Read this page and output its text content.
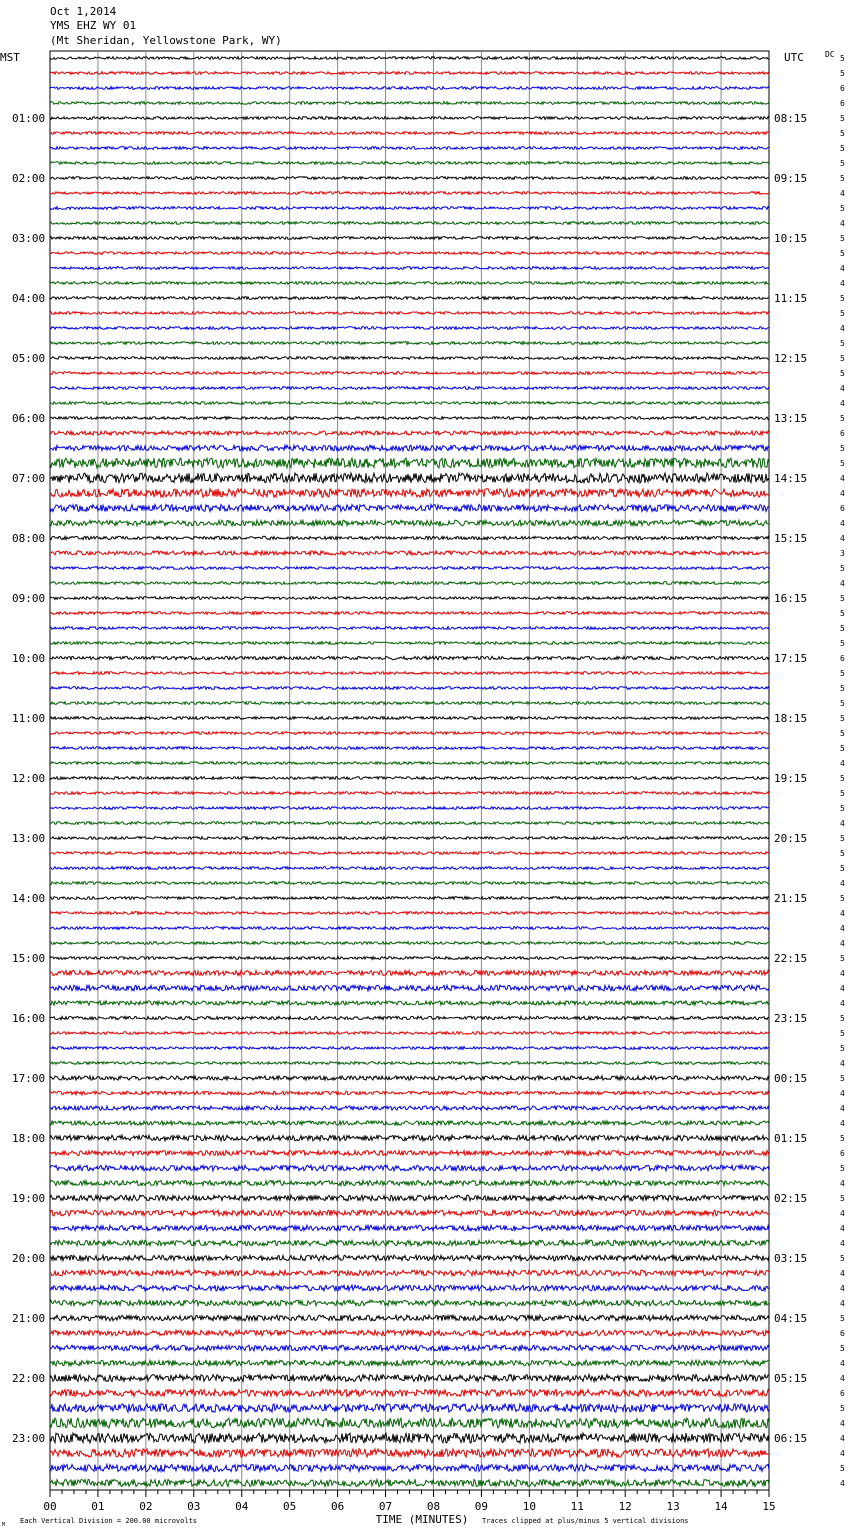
Oct 1,2014
YMS EHZ WY 01
(Mt Sheridan, Yellowstone Park, WY)
5
5
6
6
5
5
5
5
5
4
5
4
5
5
4
4
5
5
4
5
5
5
4
4
5
6
5
5
4
4
6
4
4
3
5
4
5
5
5
5
6
5
5
5
5
5
5
4
5
5
5
4
5
5
5
4
5
4
4
4
5
4
4
4
5
5
5
4
5
4
4
4
5
6
5
4
5
4
4
4
5
4
4
4
5
6
5
4
4
6
5
4
4
4
5
4
MST	UTC	DC
01:00
02:00
03:00
04:00
05:00
06:00
07:00
08:00
09:00
10:00
11:00
12:00
13:00
14:00
15:00
16:00
17:00
18:00
19:00
20:00
21:00
22:00
23:00
08:15
09:15
10:15
11:15
12:15
13:15
14:15
15:15
16:15
17:15
18:15
19:15
20:15
21:15
22:15
23:15
00:15
01:15
02:15
03:15
04:15
05:15
06:15
00	01	02	03	04	05	06	07	08	09	10	11	12	13	14	15
TIME (MINUTES)
Each Vertical Division = 200.00 microvolts	Traces clipped at plus/minus 5 vertical divisions
M
